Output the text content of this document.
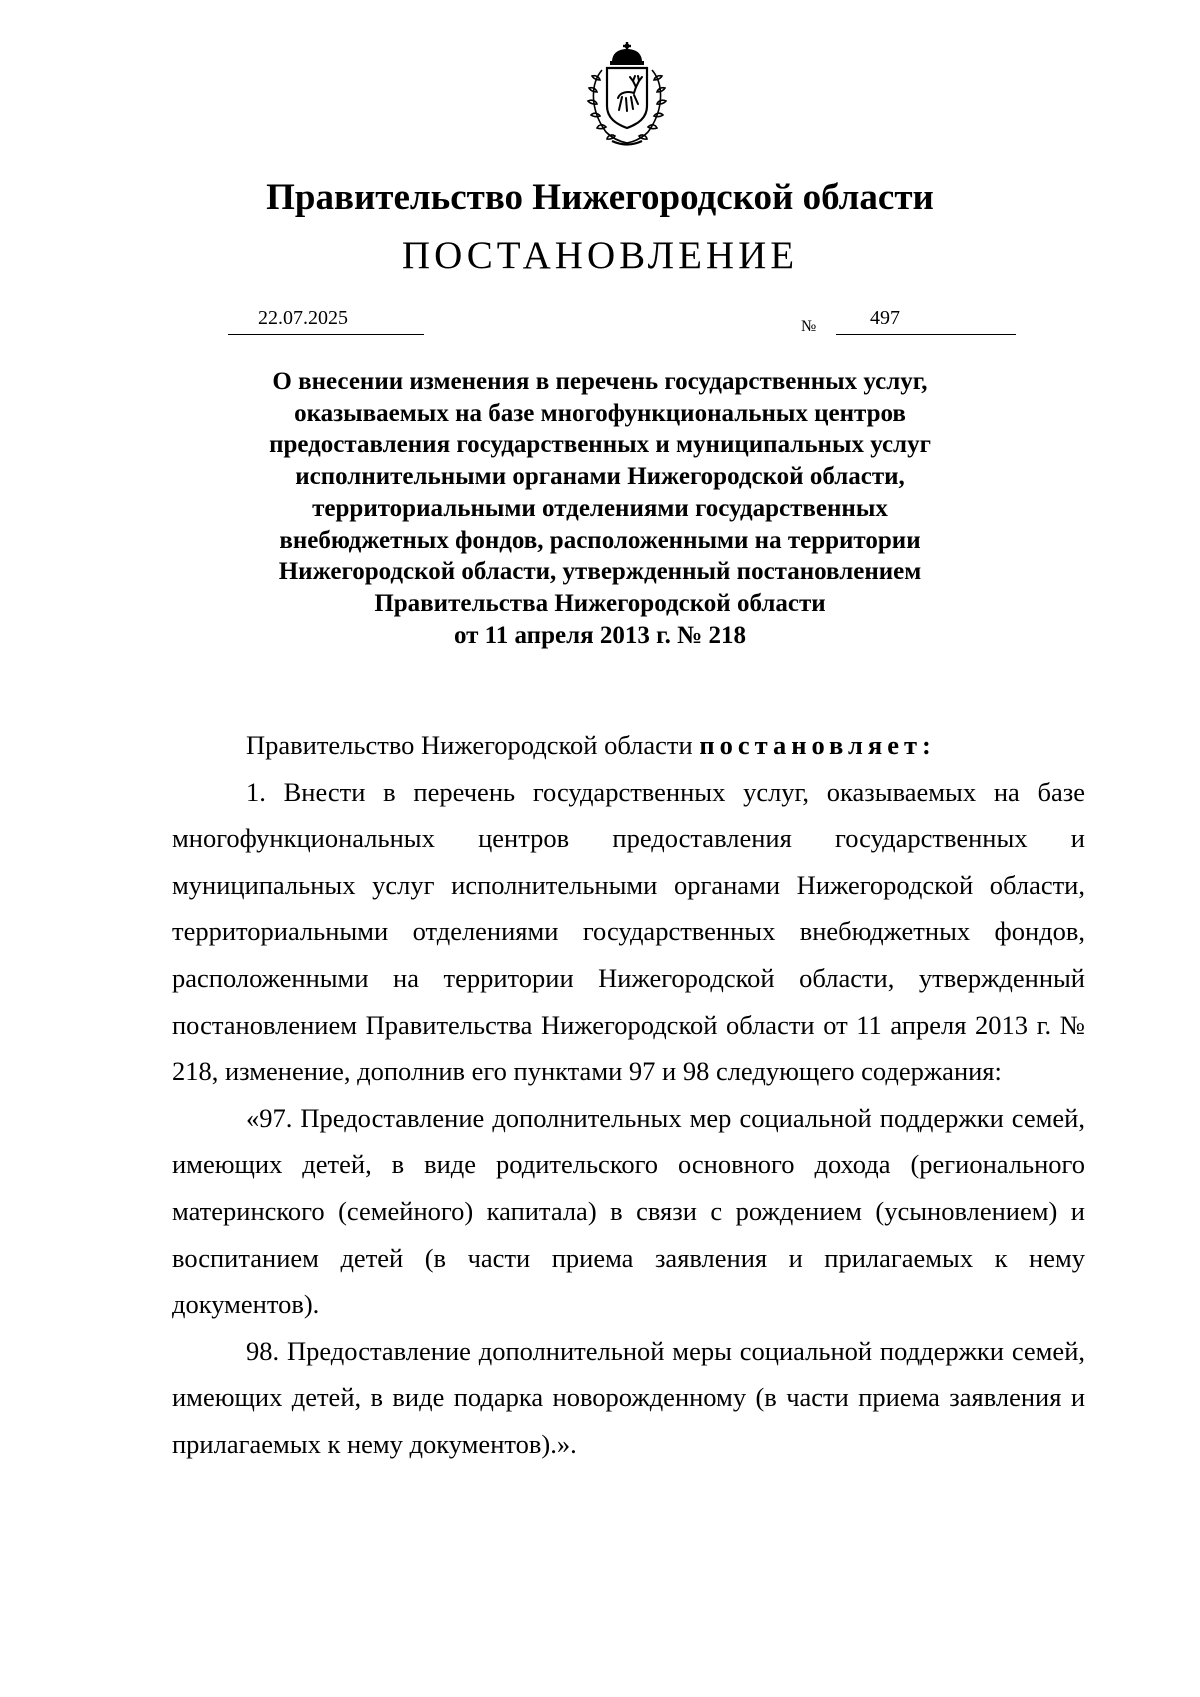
Правительство Нижегородской области
ПОСТАНОВЛЕНИЕ
22.07.2025	№	497
О внесении изменения в перечень государственных услуг,
оказываемых на базе многофункциональных центров
предоставления государственных и муниципальных услуг
исполнительными органами Нижегородской области,
территориальными отделениями государственных
внебюджетных фондов, расположенными на территории
Нижегородской области, утвержденный постановлением
Правительства Нижегородской области
от 11 апреля 2013 г. № 218

Правительство Нижегородской области постановляет:

1. Внести в перечень государственных услуг, оказываемых на базе многофункциональных центров предоставления государственных и муниципальных услуг исполнительными органами Нижегородской области, территориальными отделениями государственных внебюджетных фондов, расположенными на территории Нижегородской области, утвержденный постановлением Правительства Нижегородской области от 11 апреля 2013 г. № 218, изменение, дополнив его пунктами 97 и 98 следующего содержания:

«97. Предоставление дополнительных мер социальной поддержки семей, имеющих детей, в виде родительского основного дохода (регионального материнского (семейного) капитала) в связи с рождением (усыновлением) и воспитанием детей (в части приема заявления и прилагаемых к нему документов).

98. Предоставление дополнительной меры социальной поддержки семей, имеющих детей, в виде подарка новорожденному (в части приема заявления и прилагаемых к нему документов).».
